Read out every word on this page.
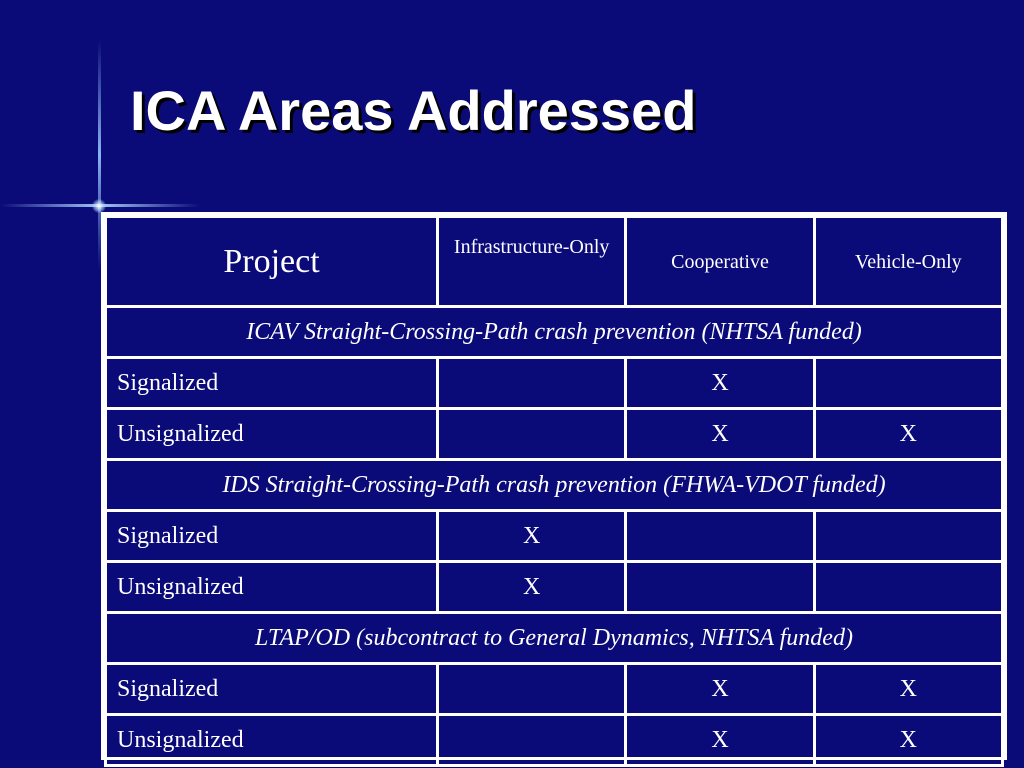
ICA Areas Addressed
Project	Infrastructure-Only	Cooperative	Vehicle-Only
ICAV Straight-Crossing-Path crash prevention (NHTSA funded)			
Signalized		X	
Unsignalized		X	X
IDS Straight-Crossing-Path crash prevention (FHWA-VDOT funded)			
Signalized	X		
Unsignalized	X		
LTAP/OD (subcontract to General Dynamics, NHTSA funded)			
Signalized		X	X
Unsignalized		X	X
